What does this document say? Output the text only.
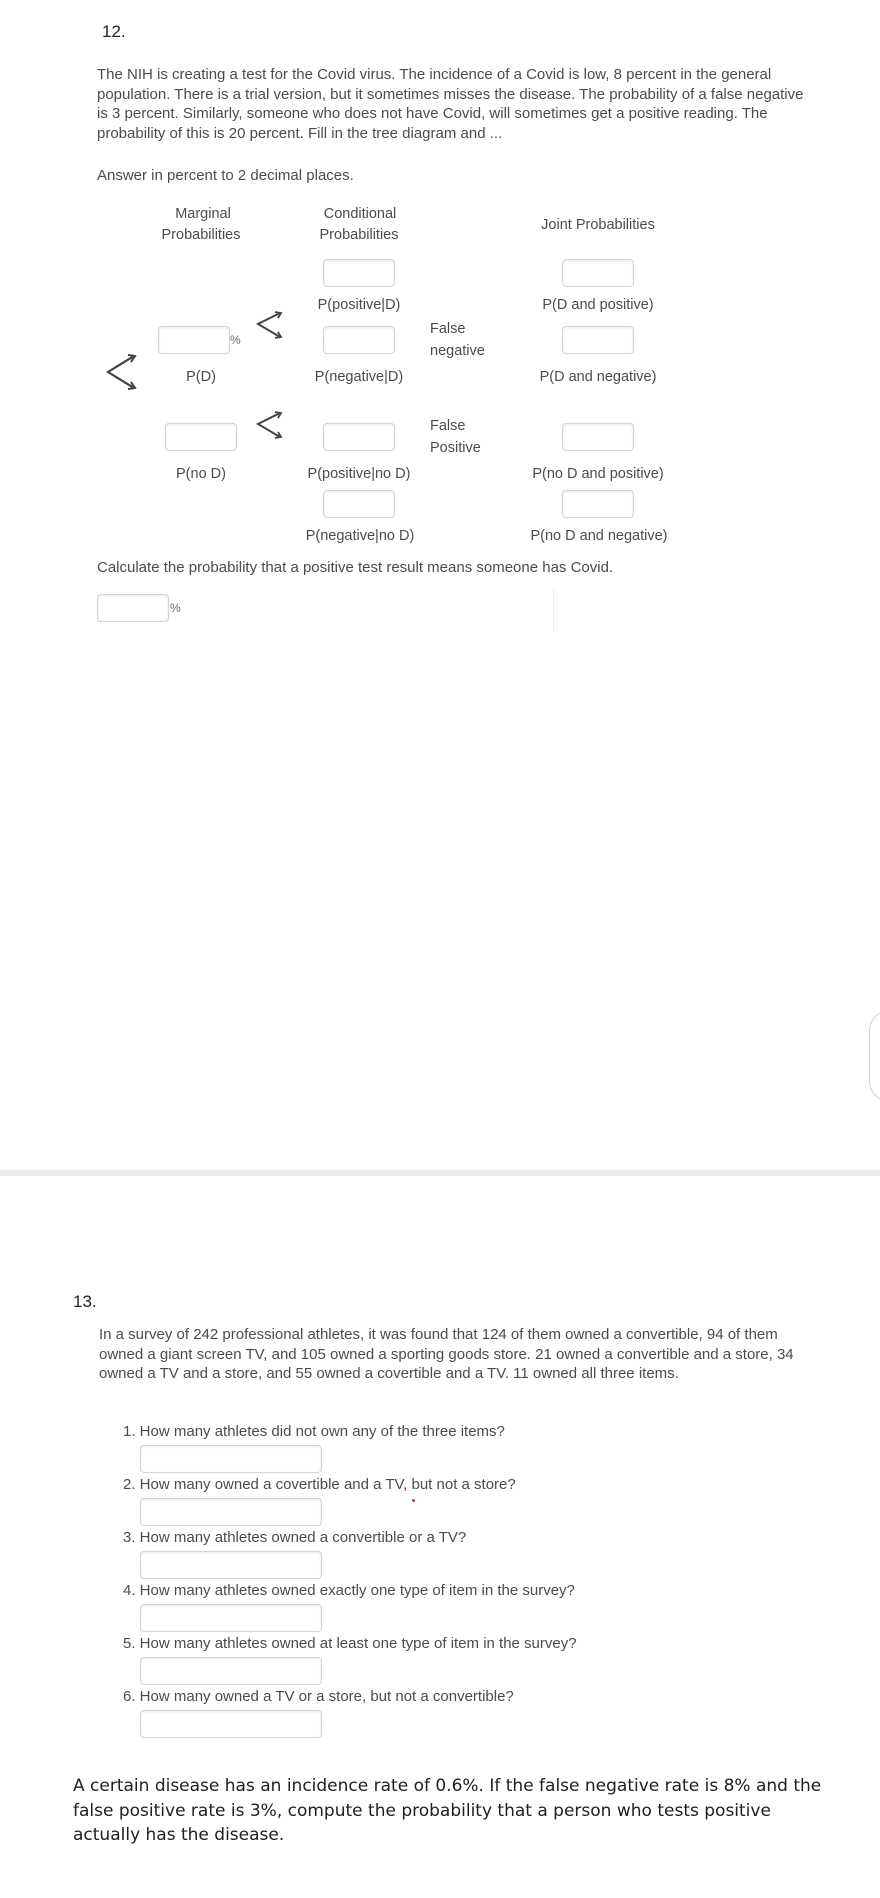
12.
The NIH is creating a test for the Covid virus. The incidence of a Covid is low, 8 percent in the general population. There is a trial version, but it sometimes misses the disease. The probability of a false negative is 3 percent. Similarly, someone who does not have Covid, will sometimes get a positive reading. The probability of this is 20 percent. Fill in the tree diagram and ...
Answer in percent to 2 decimal places.
Marginal
Probabilities
Conditional
Probabilities
Joint Probabilities
%
P(D)
P(no D)
P(positive|D)
P(negative|D)
False
negative
P(positive|no D)
False
Positive
P(negative|no D)
P(D and positive)
P(D and negative)
P(no D and positive)
P(no D and negative)
Calculate the probability that a positive test result means someone has Covid.
%
13.
In a survey of 242 professional athletes, it was found that 124 of them owned a convertible, 94 of them owned a giant screen TV, and 105 owned a sporting goods store. 21 owned a convertible and a store, 34 owned a TV and a store, and 55 owned a covertible and a TV. 11 owned all three items.
1. How many athletes did not own any of the three items?
2. How many owned a covertible and a TV, but not a store?
3. How many athletes owned a convertible or a TV?
4. How many athletes owned exactly one type of item in the survey?
5. How many athletes owned at least one type of item in the survey?
6. How many owned a TV or a store, but not a convertible?
A certain disease has an incidence rate of 0.6%. If the false negative rate is 8% and the false positive rate is 3%, compute the probability that a person who tests positive actually has the disease.
